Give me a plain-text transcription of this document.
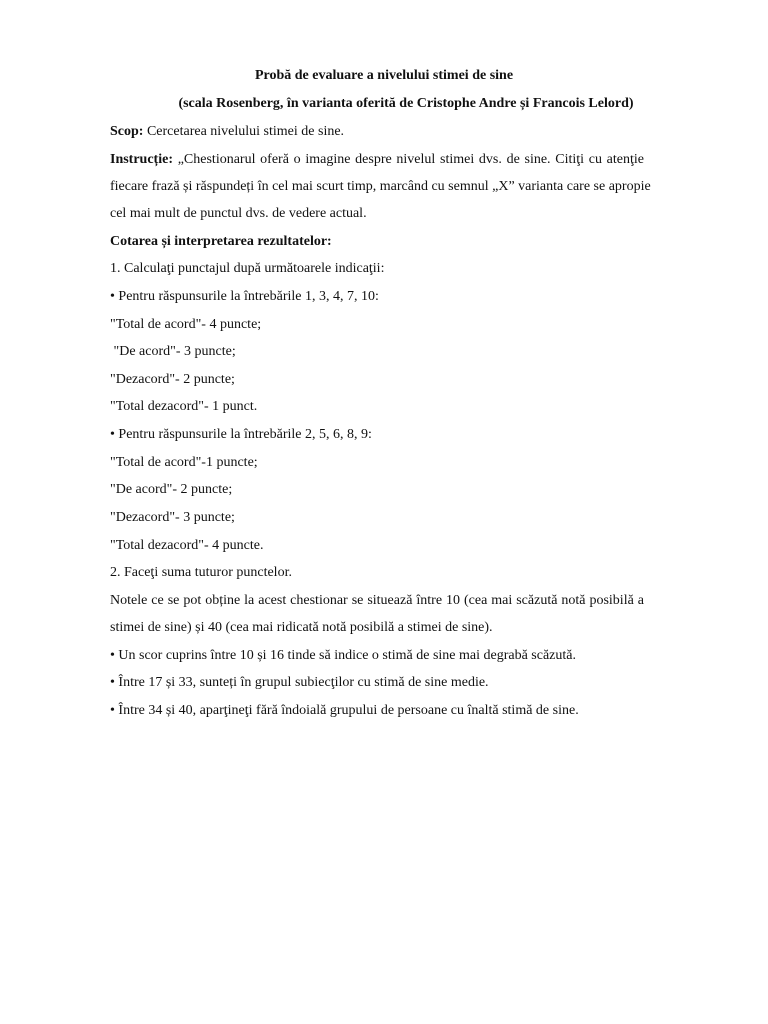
Probă de evaluare a nivelului stimei de sine
(scala Rosenberg, în varianta oferită de Cristophe Andre și Francois Lelord)
Scop: Cercetarea nivelului stimei de sine.
Instrucție: „Chestionarul oferă o imagine despre nivelul stimei dvs. de sine. Citiţi cu atenţie
fiecare frază și răspundeți în cel mai scurt timp, marcând cu semnul „X” varianta care se apropie
cel mai mult de punctul dvs. de vedere actual.
Cotarea și interpretarea rezultatelor:
1. Calculaţi punctajul după următoarele indicaţii:
• Pentru răspunsurile la întrebările 1, 3, 4, 7, 10:
"Total de acord"- 4 puncte;
"De acord"- 3 puncte;
"Dezacord"- 2 puncte;
"Total dezacord"- 1 punct.
• Pentru răspunsurile la întrebările 2, 5, 6, 8, 9:
"Total de acord"-1 puncte;
"De acord"- 2 puncte;
"Dezacord"- 3 puncte;
"Total dezacord"- 4 puncte.
2. Faceţi suma tuturor punctelor.
Notele ce se pot obține la acest chestionar se situează între 10 (cea mai scăzută notă posibilă a
stimei de sine) și 40 (cea mai ridicată notă posibilă a stimei de sine).
• Un scor cuprins între 10 și 16 tinde să indice o stimă de sine mai degrabă scăzută.
• Între 17 și 33, sunteți în grupul subiecţilor cu stimă de sine medie.
• Între 34 și 40, aparţineţi fără îndoială grupului de persoane cu înaltă stimă de sine.
